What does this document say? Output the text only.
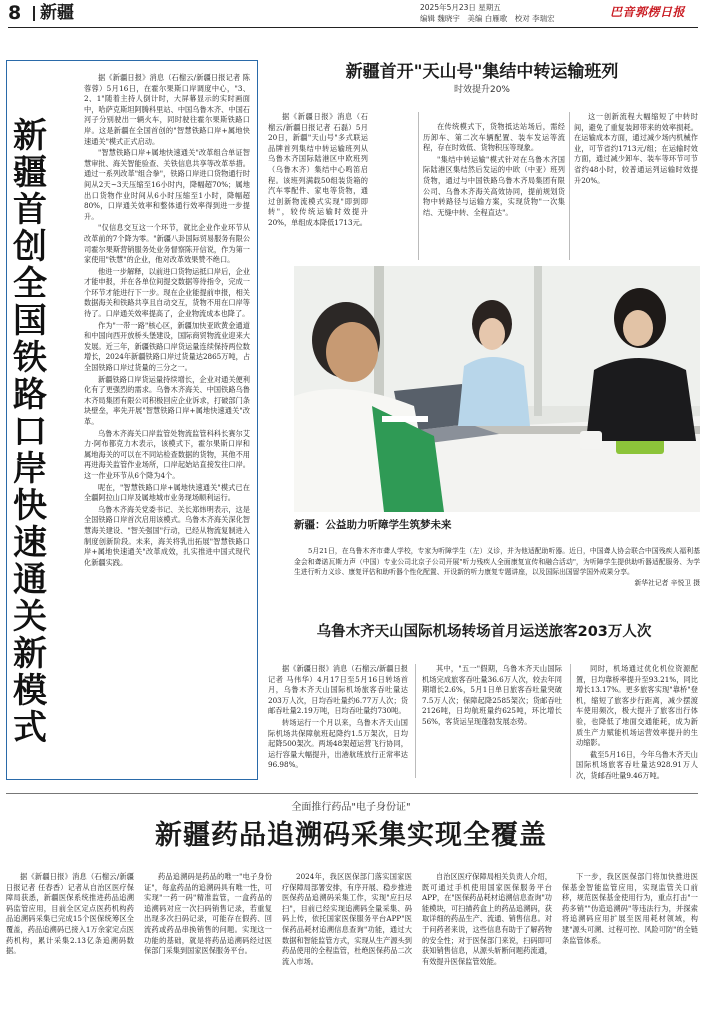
8 新疆	2025年5月23日 星期五
编辑 魏晓宇　美编 白雁歌　校对 李瑞宏	巴音郭楞日报
新疆首创全国铁路口岸快速通关新模式

据《新疆日报》消息（石榴云/新疆日报记者 陈蓉蓉）5月16日，在霍尔果斯口岸调度中心，"3、2、1"随着主持人倒计时，大屏幕显示的实时画面中，哈萨克斯坦阿腾科里站、中国乌鲁木齐、中国石河子分别驶出一辆火车，同时驶往霍尔果斯铁路口岸。这是新疆在全国首创的"智慧铁路口岸+属地快速通关"模式正式启动。

"智慧铁路口岸+属地快速通关"改革组合单证智慧审批、海关智能验查、关铁信息共享等改革举措。通过一系列改革"组合拳"，铁路口岸进口货物通行时间从2天~3天压缩至16小时内，降幅超70%；属地出口货物作业时间从6小时压缩至1小时，降幅超80%，口岸通关效率和整体通行效率得到进一步提升。

"仅信息交互这一个环节，就比企业作业环节从改革前的7个降为零。"新疆八卦国际贸易服务有限公司霍尔果斯营销服务处业务督察陈开信说，作为第一家使用"铁慧"的企业，他对改革效果赞不绝口。

他进一步解释，以前进口货物运抵口岸后，企业才能申报，并在各单位间提交数据等待指令，完成一个环节才能进行下一步。现在企业能提前申报，相关数据海关和铁路共享且自动交互，货物不用在口岸等待了。口岸通关效率提高了，企业物流成本也降了。

作为"一带一路"核心区，新疆加快亚欧黄金通道和中国向西开放桥头堡建设，国际商贸物流业迎来大发展。近三年，新疆铁路口岸货运量连续保持两位数增长，2024年新疆铁路口岸过货量达2865万吨，占全国铁路口岸过货量的三分之一。

新疆铁路口岸货运量持续增长，企业对通关便利化有了更强烈的需求。乌鲁木齐海关、中国铁路乌鲁木齐局集团有限公司积极回应企业诉求，打破部门条块壁垒，率先开展"智慧铁路口岸+属地快速通关"改革。

乌鲁木齐海关口岸监管处物流监管科科长赛尔艾力·阿布都克力木表示，该模式下，霍尔果斯口岸和属地海关的可以在不同站检查数据的货物，其他不用再进海关监管作业场所，口岸起始站直接发往口岸。这一作业环节从6个降为4个。

呢在，"智慧铁路口岸+属地快速通关"模式已在全疆阿拉山口岸及属地城市业务现场顺利运行。

乌鲁木齐海关党委书记、关长郑炜明表示，这是全国铁路口岸首次启用该模式。乌鲁木齐海关深化智慧海关建设、"智关强国"行动，已经从物流复制进入制度创新阶段。未来，海关将乳出拓展"智慧铁路口岸+属地快速通关"改革成效，扎实推进中国式现代化新疆实践。

新疆首开"天山号"集结中转运输班列
时效提升20%

据《新疆日报》消息（石榴云/新疆日报记者 石磊）5月20日，新疆"天山号"多式联运品牌首列集结中转运输班列从乌鲁木齐国际陆港区中欧班列（乌鲁木齐）集结中心鸣笛启程。该班列满载50组装货箱的汽车零配件、家电等货物，通过创新物流模式实现"即到即转"，较传统运输时效提升20%，单组成本降低1713元。

在传统模式下，货物抵达站场后，需经历卸车、第二次车辆配置、装车发运等流程，存在时效低、货物积压等现象。

"集结中转运输"模式针对在乌鲁木齐国际陆港区集结然后发运的中欧（中亚）班列货物，通过与中国铁路乌鲁木齐局集团有限公司、乌鲁木齐海关高效协同，提前规划货物中转路径与运输方案，实现货物"一次集结、无缝中转、全程直达"。

这一创新流程大幅缩短了中转时间，避免了重复装卸带来的效率损耗。在运输成本方面，通过减少场内机械作业，可节省约1713元/组；在运输时效方面，通过减少卸车、装车等环节可节省约48小时，较普通运列运输时效提升20%。

新疆：公益助力听障学生筑梦未来
5月21日，在乌鲁木齐市聋人学校，专家为听障学生（左）义诊，并为他适配助听器。近日，中国聋人协会联合中国残疾人福利基金会和聋诺瓦斯力声（中国）专业公司北京子公司开展"听力残疾人全面康复宣传和融合活动"，为听障学生提供助听器适配服务、为学生进行听力义诊、康复评估和助听器个性化配置、开设新的听力康复专题讲座，以及国际出国留学国外成果分享。
新华社记者 辛悦卫 摄
乌鲁木齐天山国际机场转场首月运送旅客203万人次

据《新疆日报》消息（石榴云/新疆日报记者 马伟华）4月17日至5月16日转场首月，乌鲁木齐天山国际机场旅客吞吐量达203万人次，日均吞吐量约6.77万人次；货邮吞吐量2.19万吨，日均吞吐量约730吨。

转场运行一个月以来，乌鲁木齐天山国际机场共保障航班起降约1.5万架次，日均起降500架次。两场48架超运营飞行协同，运行容量大幅提升，出港航班放行正常率达96.98%。

其中，"五一"假期，乌鲁木齐天山国际机场完成旅客吞吐量36.6万人次，较去年同期增长2.6%，5月1日单日旅客吞吐量突破7.5万人次；保障起降2585架次；货邮吞吐2126吨，日均航班量约625吨，环比增长56%，客货运呈现蓬勃发展态势。

同时，机场通过优化机位资源配置，日均靠桥率提升至93.21%，同比增长13.17%。更多旅客实现"靠桥"登机，缩短了旅客步行距离，减少摆渡车使用频次，极大提升了旅客出行体验，也降低了地面交通能耗，成为新质生产力赋能机场运营效率提升的生动缩影。

截至5月16日，今年乌鲁木齐天山国际机场旅客吞吐量达928.91万人次，货邮吞吐量9.46万吨。

全面推行药品"电子身份证"
新疆药品追溯码采集实现全覆盖

据《新疆日报》消息（石榴云/新疆日报记者 任春香）记者从自治区医疗保障局获悉，新疆医保系统推进药品追溯码监管应用，目前全区定点医药机构药品追溯码采集已完成15个医保统筹区全覆盖，药品追溯码已接入1万余家定点医药机构，累计采集2.13亿条追溯码数据。

药品追溯码是药品的唯一"电子身份证"，每盒药品的追溯码具有唯一性，可实现"一药一码"精准监管，一盒药品的追溯码对应一次扫码销售记录，若重复出现多次扫码记录，可能存在假药、回流药或药品串换销售的问题。实现这一功能的基础，就是将药品追溯码经过医保部门采集到国家医保服务平台。

2024年，我区医保部门落实国家医疗保障局部署安排，有序开展、稳步推进医保药品追溯码采集工作，实现"应扫尽扫"，目前已经实现追溯码全量采集、码码上传，依托国家医保服务平台APP"医保药品耗材追溯信息查询"功能，通过大数据和智能监管方式，实现从生产源头到药品使用的全程监管，杜绝医保药品二次流入市场。

自治区医疗保障局相关负责人介绍，既可通过手机使用国家医保服务平台APP，在"医保药品耗材追溯信息查询"功能模块，可扫描药盒上的药品追溯码，获取详细的药品生产、流通、销售信息。对于问药者来说，这些信息有助于了解药物的安全性；对于医保部门来说，扫码即可获知销售信息，从源头斩断问题药流通，有效提升医保监管效能。

下一步，我区医保部门将加快推进医保基金智能监管应用，实现监管关口前移，规范医保基金使用行为，重点打击"一药多销""伪造追溯码"等违法行为，并探索将追溯码应用扩展至医用耗材领域，构建"源头可溯、过程可控、风险可防"的全链条监管体系。
